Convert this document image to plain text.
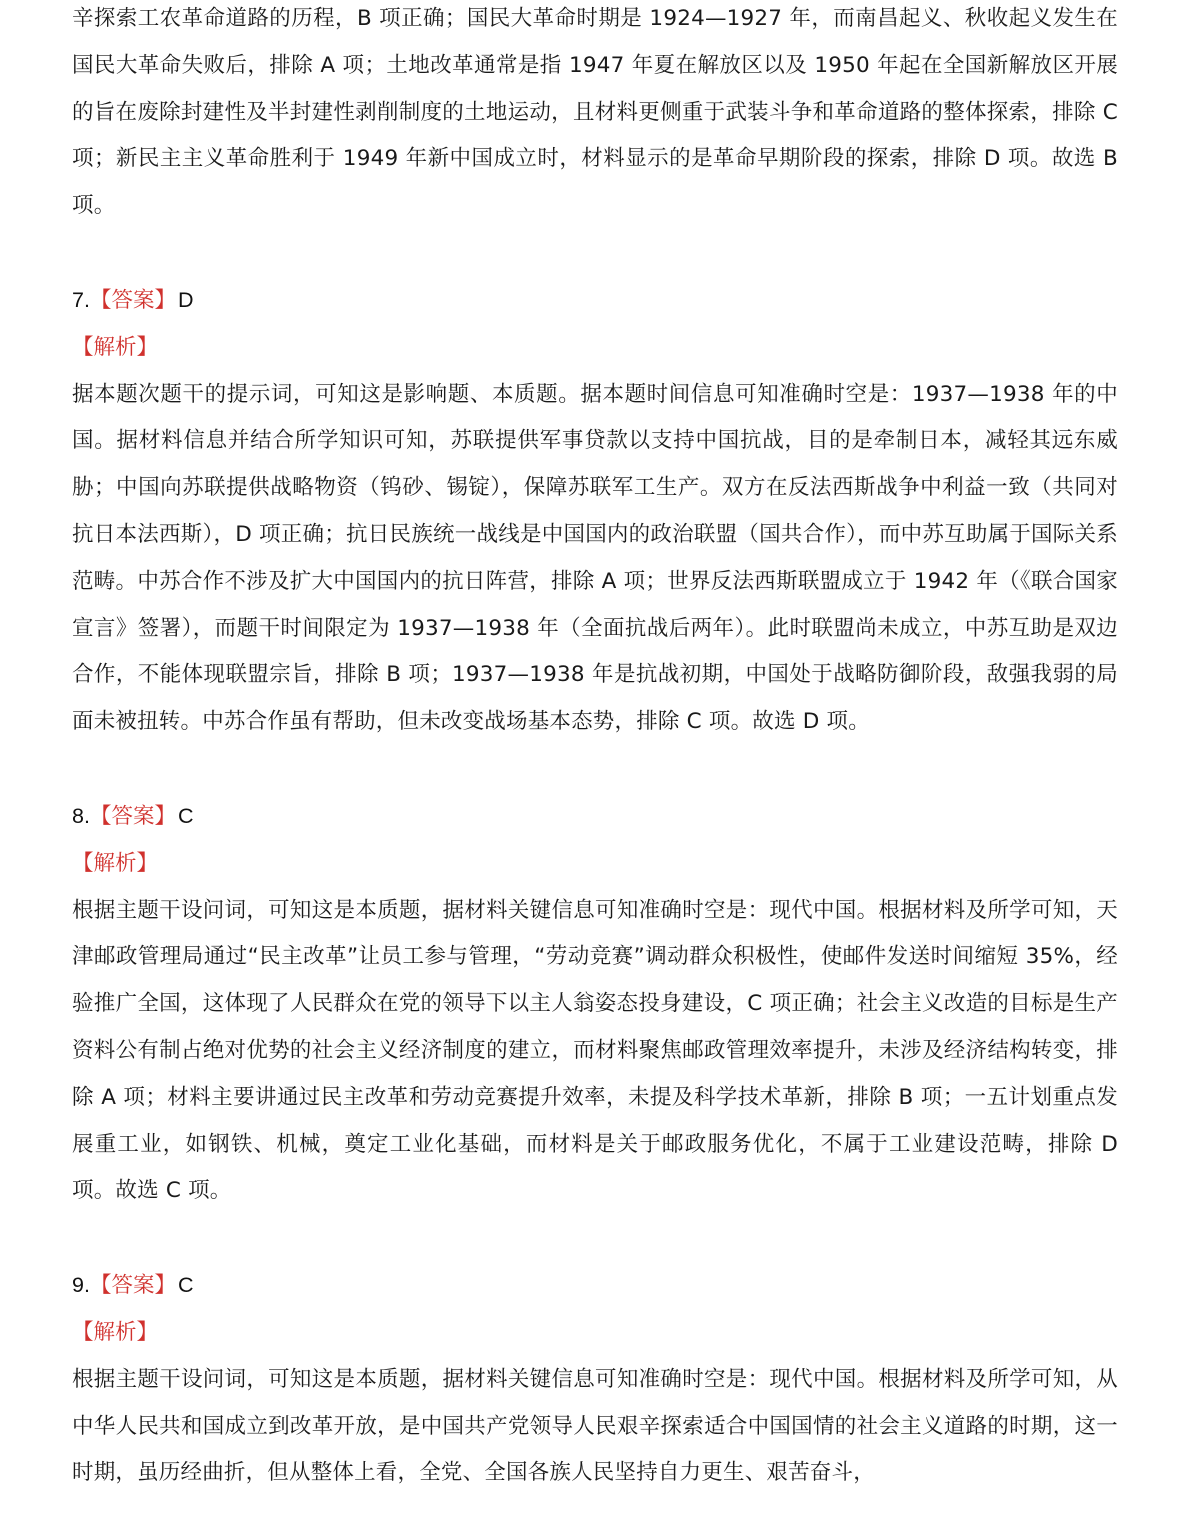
辛探索工农革命道路的历程，B 项正确；国民大革命时期是 1924—1927 年，而南昌起义、秋收起义发生在国民大革命失败后，排除 A 项；土地改革通常是指 1947 年夏在解放区以及 1950 年起在全国新解放区开展的旨在废除封建性及半封建性剥削制度的土地运动，且材料更侧重于武装斗争和革命道路的整体探索，排除 C 项；新民主主义革命胜利于 1949 年新中国成立时，材料显示的是革命早期阶段的探索，排除 D 项。故选 B 项。

7.【答案】D

【解析】

据本题次题干的提示词，可知这是影响题、本质题。据本题时间信息可知准确时空是：1937—1938 年的中国。据材料信息并结合所学知识可知，苏联提供军事贷款以支持中国抗战，目的是牵制日本，减轻其远东威胁；中国向苏联提供战略物资（钨砂、锡锭），保障苏联军工生产。双方在反法西斯战争中利益一致（共同对抗日本法西斯），D 项正确；抗日民族统一战线是中国国内的政治联盟（国共合作），而中苏互助属于国际关系范畴。中苏合作不涉及扩大中国国内的抗日阵营，排除 A 项；世界反法西斯联盟成立于 1942 年（《联合国家宣言》签署），而题干时间限定为 1937—1938 年（全面抗战后两年）。此时联盟尚未成立，中苏互助是双边合作，不能体现联盟宗旨，排除 B 项；1937—1938 年是抗战初期，中国处于战略防御阶段，敌强我弱的局面未被扭转。中苏合作虽有帮助，但未改变战场基本态势，排除 C 项。故选 D 项。

8.【答案】C

【解析】

根据主题干设问词，可知这是本质题，据材料关键信息可知准确时空是：现代中国。根据材料及所学可知，天津邮政管理局通过“民主改革”让员工参与管理，“劳动竞赛”调动群众积极性，使邮件发送时间缩短 35%，经验推广全国，这体现了人民群众在党的领导下以主人翁姿态投身建设，C 项正确；社会主义改造的目标是生产资料公有制占绝对优势的社会主义经济制度的建立，而材料聚焦邮政管理效率提升，未涉及经济结构转变，排除 A 项；材料主要讲通过民主改革和劳动竞赛提升效率，未提及科学技术革新，排除 B 项；一五计划重点发展重工业，如钢铁、机械，奠定工业化基础，而材料是关于邮政服务优化，不属于工业建设范畴，排除 D 项。故选 C 项。

9.【答案】C

【解析】

根据主题干设问词，可知这是本质题，据材料关键信息可知准确时空是：现代中国。根据材料及所学可知，从中华人民共和国成立到改革开放，是中国共产党领导人民艰辛探索适合中国国情的社会主义道路的时期，这一时期，虽历经曲折，但从整体上看，全党、全国各族人民坚持自力更生、艰苦奋斗，
